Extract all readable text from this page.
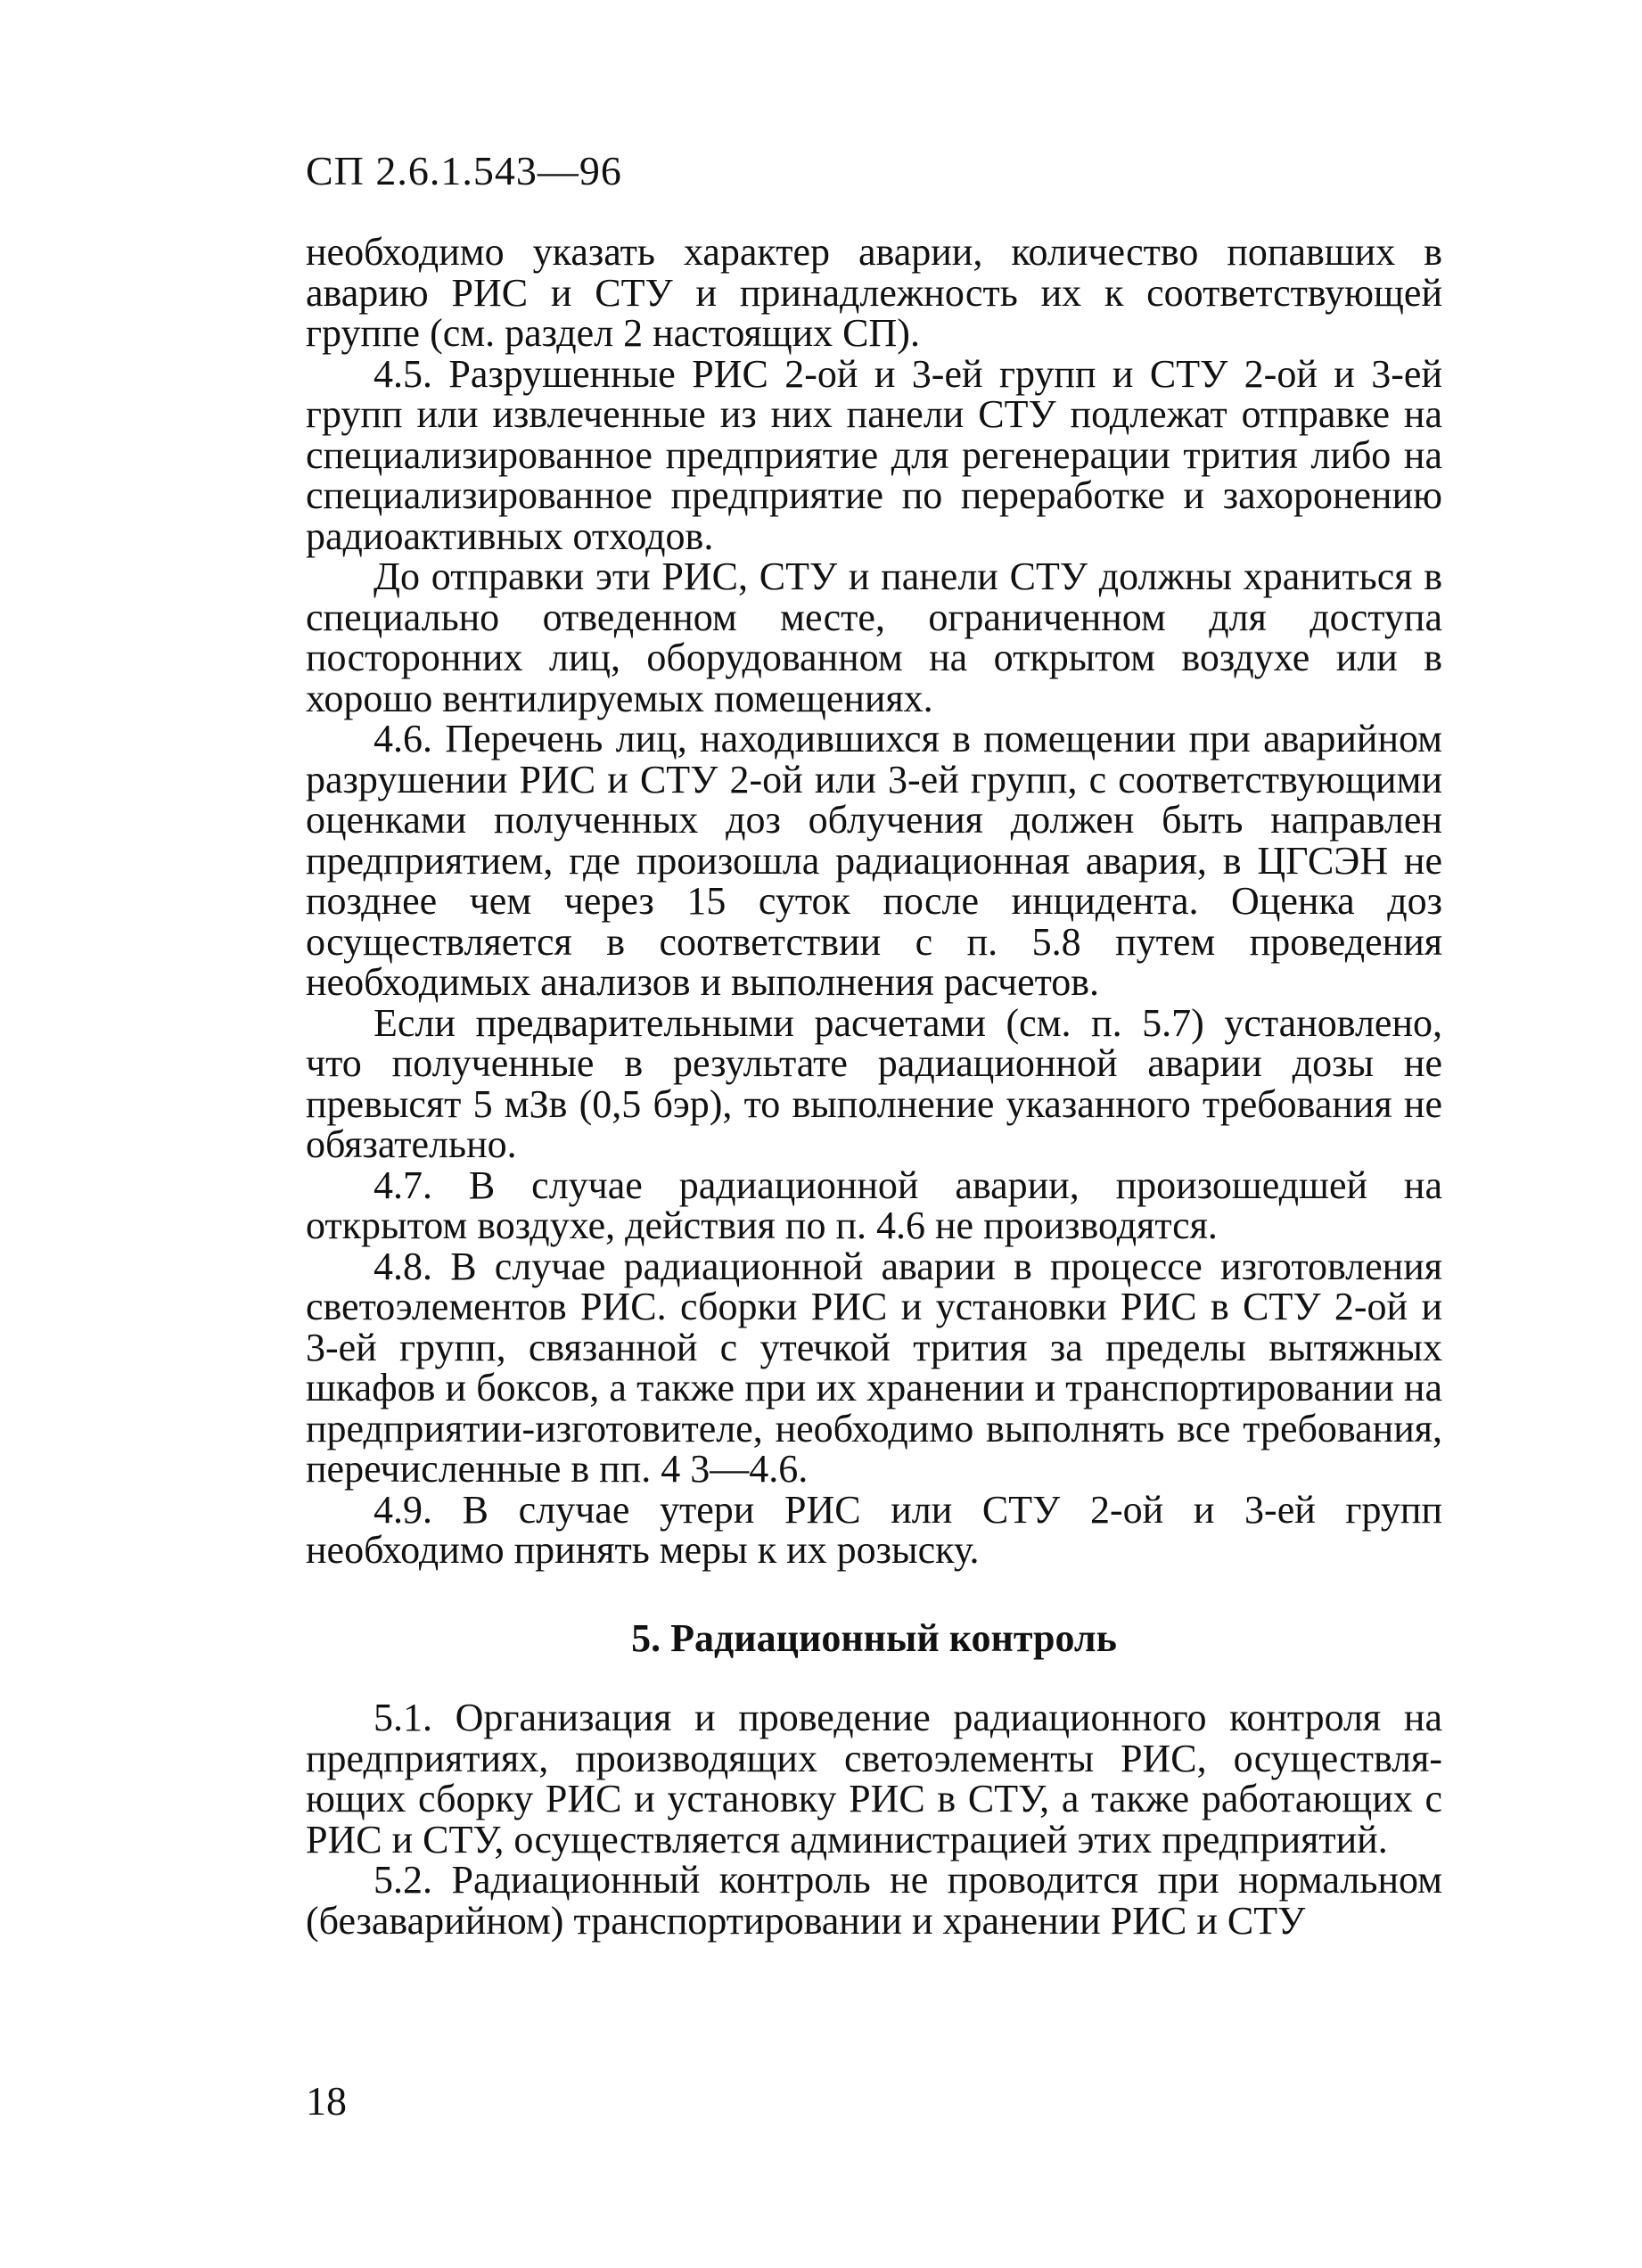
СП 2.6.1.543—96

необходимо указать характер аварии, количество попавших в аварию РИС и СТУ и принадлежность их к соответствующей группе (см. раздел 2 настоящих СП).

4.5. Разрушенные РИС 2-ой и 3-ей групп и СТУ 2-ой и 3-ей групп или извлеченные из них панели СТУ подлежат отправке на специализированное предприятие для регенерации трития либо на специализированное предприятие по переработке и захоронению радиоактивных отходов.

До отправки эти РИС, СТУ и панели СТУ должны храниться в специально отведенном месте, ограниченном для доступа посторонних лиц, оборудованном на открытом воздухе или в хорошо вентилируемых помещениях.

4.6. Перечень лиц, находившихся в помещении при аварийном разрушении РИС и СТУ 2-ой или 3-ей групп, с соответствующими оценками полученных доз облучения должен быть направлен предприятием, где произошла радиационная авария, в ЦГСЭН не позднее чем через 15 суток после инцидента. Оценка доз осуществляется в соответствии с п. 5.8 путем проведения необходимых анализов и выполнения расчетов.

Если предварительными расчетами (см. п. 5.7) установлено, что полученные в результате радиационной аварии дозы не превысят 5 мЗв (0,5 бэр), то выполнение указанного требования не обязательно.

4.7. В случае радиационной аварии, произошедшей на открытом воздухе, действия по п. 4.6 не производятся.

4.8. В случае радиационной аварии в процессе изготовления светоэлементов РИС. сборки РИС и установки РИС в СТУ 2-ой и 3-ей групп, связанной с утечкой трития за пределы вытяжных шкафов и боксов, а также при их хранении и транспортировании на предприятии-изготовителе, необходимо выполнять все требования, перечисленные в пп. 4 3—4.6.

4.9. В случае утери РИС или СТУ 2-ой и 3-ей групп необходимо принять меры к их розыску.

5. Радиационный контроль

5.1. Организация и проведение радиационного контроля на предприятиях, производящих светоэлементы РИС, осуществляющих сборку РИС и установку РИС в СТУ, а также работающих с РИС и СТУ, осуществляется администрацией этих предприятий.

5.2. Радиационный контроль не проводится при нормальном (безаварийном) транспортировании и хранении РИС и СТУ

18
